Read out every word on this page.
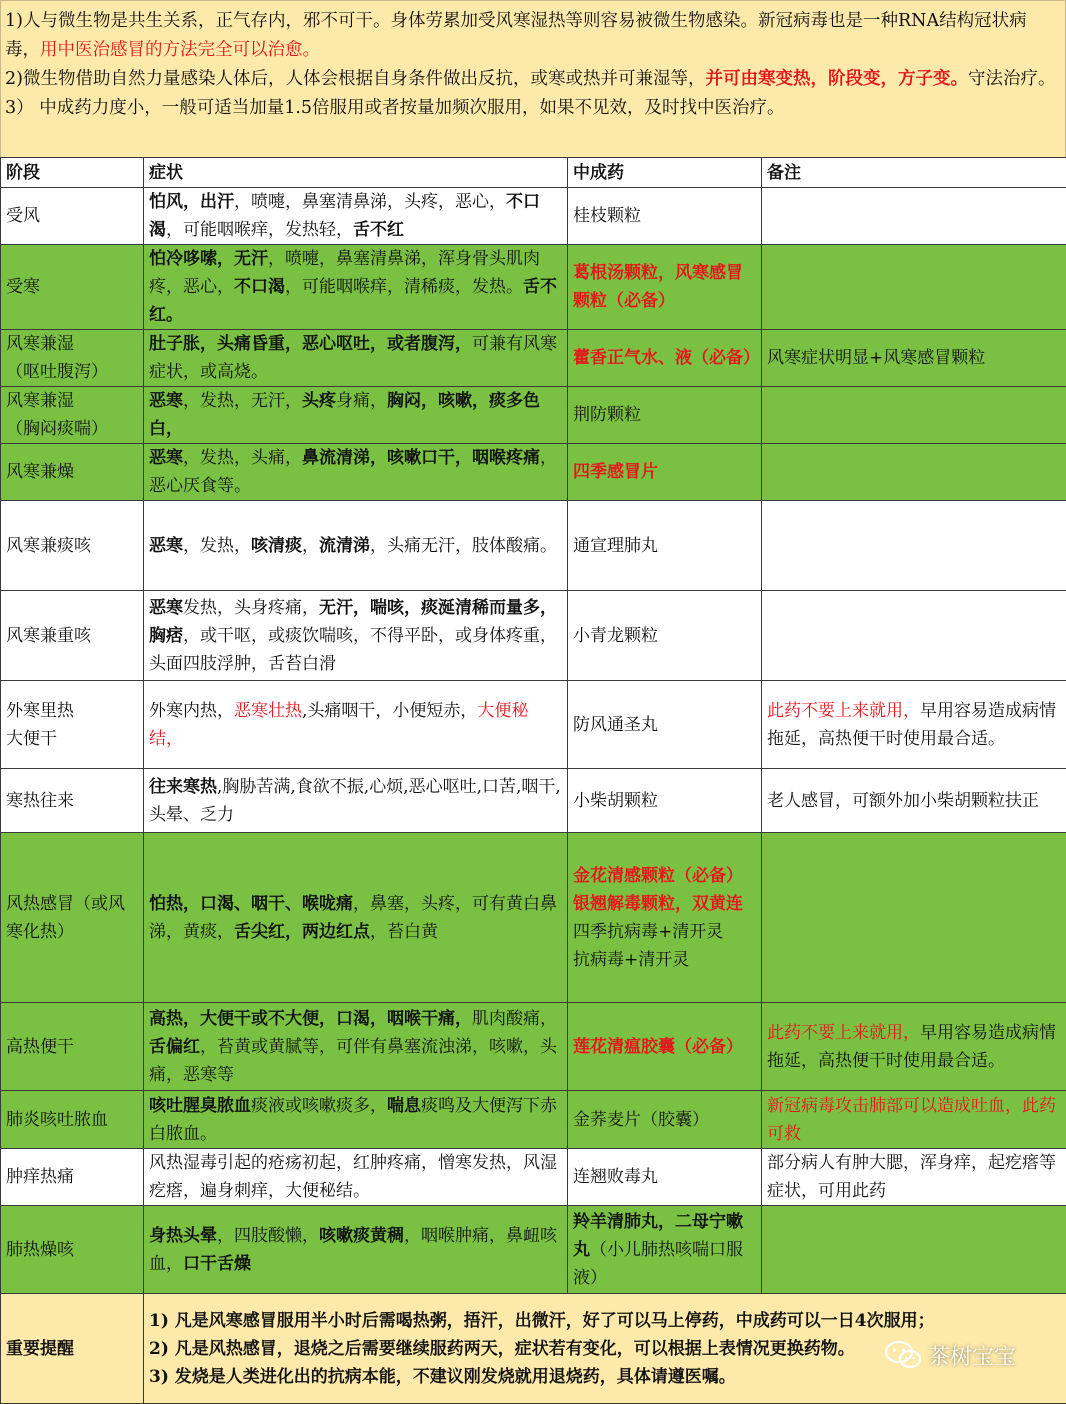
1)人与微生物是共生关系，正气存内，邪不可干。身体劳累加受风寒湿热等则容易被微生物感染。新冠病毒也是一种RNA结构冠状病毒，用中医治感冒的方法完全可以治愈。

2)微生物借助自然力量感染人体后，人体会根据自身条件做出反抗，或寒或热并可兼湿等，并可由寒变热，阶段变，方子变。守法治疗。

3） 中成药力度小，一般可适当加量1.5倍服用或者按量加频次服用，如果不见效，及时找中医治疗。

阶段	症状	中成药	备注
受风	怕风，出汗，喷嚏，鼻塞清鼻涕，头疼，恶心，不口渴，可能咽喉痒，发热轻，舌不红	桂枝颗粒	
受寒	怕冷哆嗦，无汗，喷嚏，鼻塞清鼻涕，浑身骨头肌肉疼，恶心，不口渴，可能咽喉痒，清稀痰，发热。舌不红。	葛根汤颗粒，风寒感冒颗粒（必备）	
风寒兼湿
（呕吐腹泻）	肚子胀，头痛昏重，恶心呕吐，或者腹泻，可兼有风寒症状，或高烧。	藿香正气水、液（必备）	风寒症状明显+风寒感冒颗粒
风寒兼湿
（胸闷痰喘）	恶寒，发热，无汗，头疼身痛，胸闷，咳嗽，痰多色白，	荆防颗粒	
风寒兼燥	恶寒，发热，头痛，鼻流清涕，咳嗽口干，咽喉疼痛，恶心厌食等。	四季感冒片	
风寒兼痰咳	恶寒，发热，咳清痰，流清涕，头痛无汗，肢体酸痛。	通宣理肺丸	
风寒兼重咳	恶寒发热，头身疼痛，无汗，喘咳，痰涎清稀而量多，胸痞，或干呕，或痰饮喘咳，不得平卧，或身体疼重，头面四肢浮肿，舌苔白滑	小青龙颗粒	
外寒里热
大便干	外寒内热，恶寒壮热,头痛咽干，小便短赤，大便秘结，	防风通圣丸	此药不要上来就用，早用容易造成病情拖延，高热便干时使用最合适。
寒热往来	往来寒热,胸胁苦满,食欲不振,心烦,恶心呕吐,口苦,咽干,头晕、乏力	小柴胡颗粒	老人感冒，可额外加小柴胡颗粒扶正
风热感冒（或风寒化热）	怕热，口渴、咽干、喉咙痛，鼻塞，头疼，可有黄白鼻涕，黄痰，舌尖红，两边红点，苔白黄	金花清感颗粒（必备）
银翘解毒颗粒，双黄连
四季抗病毒+清开灵
抗病毒+清开灵	
高热便干	高热，大便干或不大便，口渴，咽喉干痛，肌肉酸痛，舌偏红，苔黄或黄腻等，可伴有鼻塞流浊涕，咳嗽，头痛，恶寒等	莲花清瘟胶囊（必备）	此药不要上来就用，早用容易造成病情拖延，高热便干时使用最合适。
肺炎咳吐脓血	咳吐腥臭脓血痰液或咳嗽痰多，喘息痰鸣及大便泻下赤白脓血。	金荞麦片（胶囊）	新冠病毒攻击肺部可以造成吐血，此药可救
肿痒热痛	风热湿毒引起的疮疡初起，红肿疼痛，憎寒发热，风湿疙瘩，遍身刺痒，大便秘结。	连翘败毒丸	部分病人有肿大腮，浑身痒，起疙瘩等症状，可用此药
肺热燥咳	身热头晕，四肢酸懒，咳嗽痰黄稠，咽喉肿痛，鼻衄咳血，口干舌燥	羚羊清肺丸，二母宁嗽丸（小儿肺热咳喘口服液）	
重要提醒	1) 凡是风寒感冒服用半小时后需喝热粥，捂汗，出微汗，好了可以马上停药，中成药可以一日4次服用；
2) 凡是风热感冒，退烧之后需要继续服药两天，症状若有变化，可以根据上表情况更换药物。
3) 发烧是人类进化出的抗病本能，不建议刚发烧就用退烧药，具体请遵医嘱。		
茶树宝宝
